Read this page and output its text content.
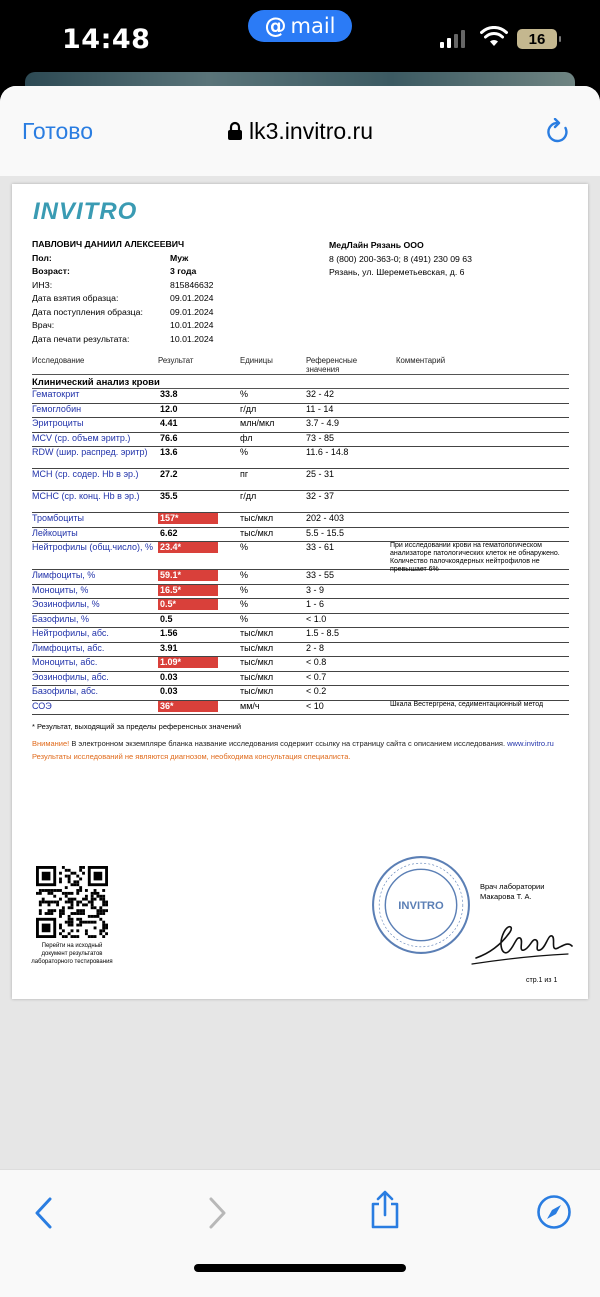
14:48	@ mail
16
Готово	lk3.invitro.ru
INVITRO
ПАВЛОВИЧ ДАНИИЛ АЛЕКСЕЕВИЧ
Пол:	Муж
Возраст:	3 года
ИНЗ:	815846632
Дата взятия образца:	09.01.2024
Дата поступления образца:	09.01.2024
Врач:	10.01.2024
Дата печати результата:	10.01.2024
МедЛайн Рязань ООО
8 (800) 200-363-0; 8 (491) 230 09 63
Рязань, ул. Шереметьевская, д. 6
Исследование	Результат	Единицы	Референсные
значения
Комментарий
Клинический анализ крови
Гематокрит	33.8	%	32 - 42
Гемоглобин	12.0	г/дл	11 - 14
Эритроциты	4.41	млн/мкл	3.7 - 4.9
MCV (ср. объем эритр.)	76.6	фл	73 - 85
RDW (шир. распред. эритр)	13.6	%	11.6 - 14.8
MCH (ср. содер. Hb в эр.)	27.2	пг	25 - 31
MCHC (ср. конц. Hb в эр.)	35.5	г/дл	32 - 37
Тромбоциты	157*	тыс/мкл	202 - 403
Лейкоциты	6.62	тыс/мкл	5.5 - 15.5
Нейтрофилы (общ.число), % 23.4*	%	33 - 61	При исследовании крови на гематологическом анализаторе патологических клеток не обнаружено. Количество палочкоядерных нейтрофилов не превышает 6%
Лимфоциты, %	59.1*	%	33 - 55
Моноциты, %	16.5*	%	3 - 9
Эозинофилы, %	0.5*	%	1 - 6
Базофилы, %	0.5	%	< 1.0
Нейтрофилы, абс.	1.56	тыс/мкл	1.5 - 8.5
Лимфоциты, абс.	3.91	тыс/мкл	2 - 8
Моноциты, абс.	1.09*	тыс/мкл	< 0.8
Эозинофилы, абс.	0.03	тыс/мкл	< 0.7
Базофилы, абс.	0.03	тыс/мкл	< 0.2
СОЭ	36*	мм/ч	< 10	Шкала Вестергрена, седиментационный метод
* Результат, выходящий за пределы референсных значений
Внимание! В электронном экземпляре бланка название исследования содержит ссылку на страницу сайта с описанием исследования. www.invitro.ru
Результаты исследований не являются диагнозом, необходима консультация специалиста.
Перейти на исходный документ результатов лабораторного тестирования
INVITRO
Врач лаборатории
Макарова Т. А.
стр.1 из 1
